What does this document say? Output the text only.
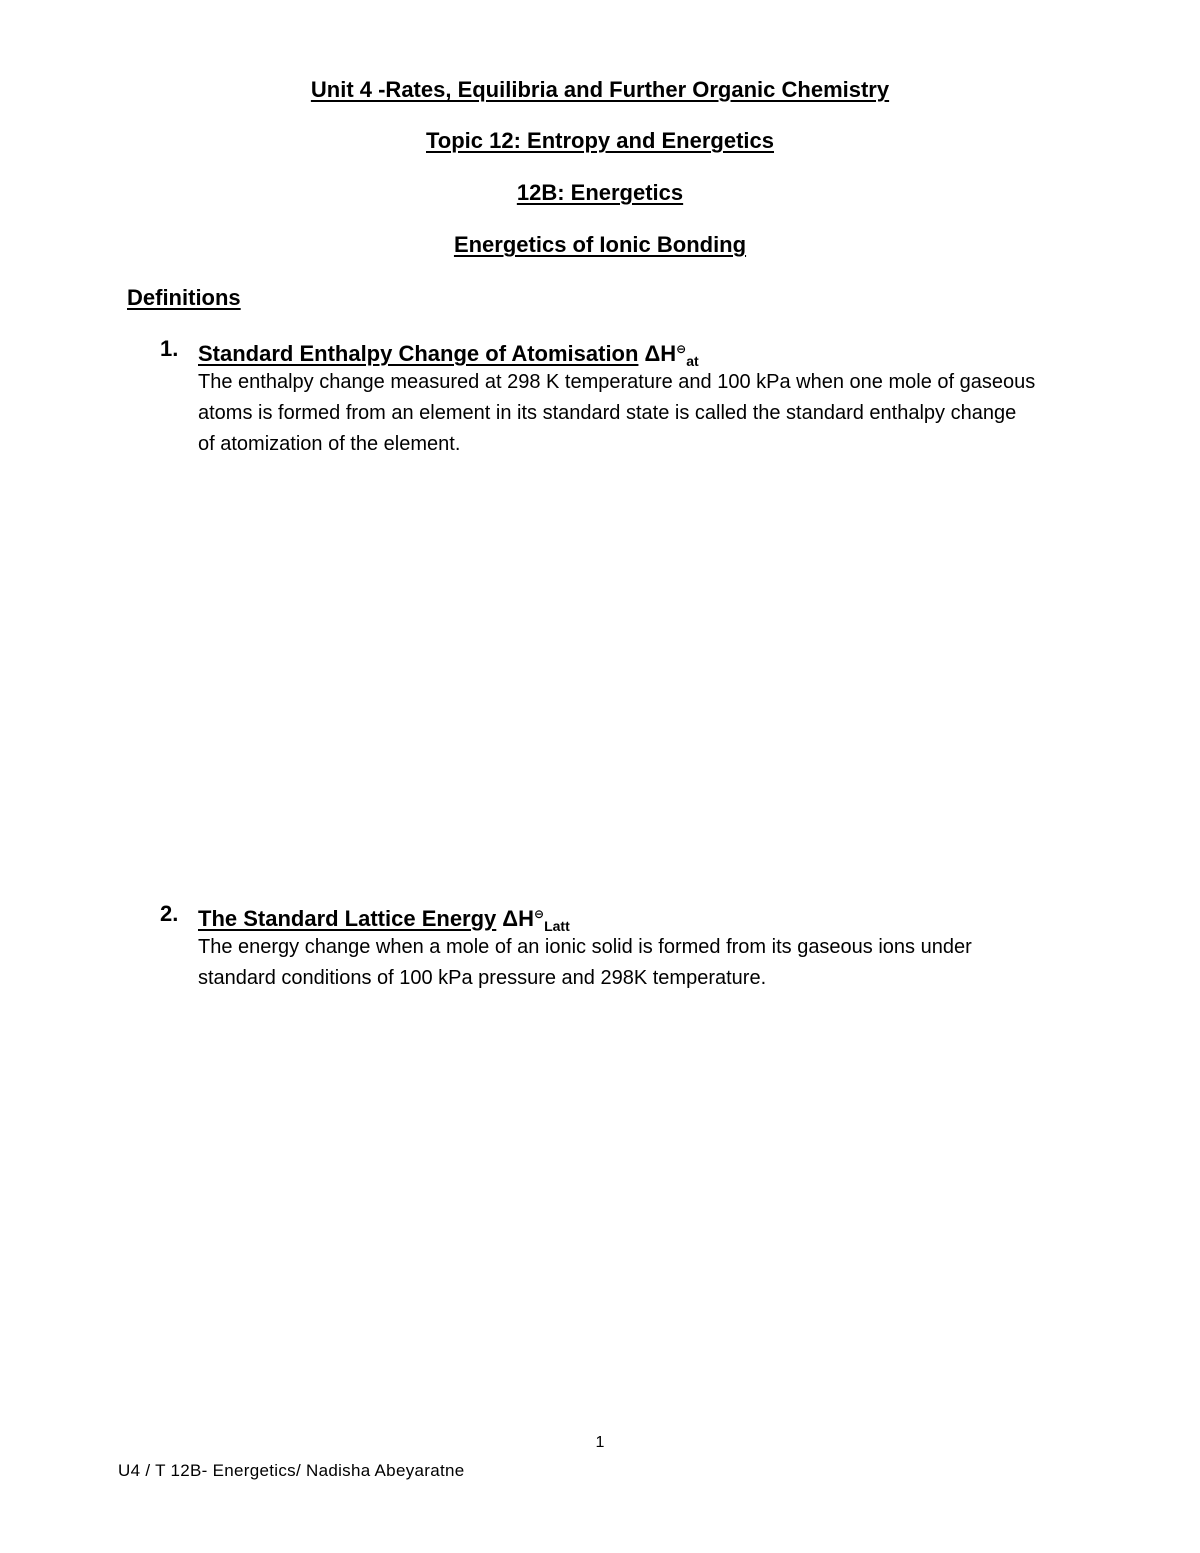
Unit 4 -Rates, Equilibria and Further Organic Chemistry
Topic 12: Entropy and Energetics
12B: Energetics
Energetics of Ionic Bonding
Definitions
1. Standard Enthalpy Change of Atomisation $\Delta H^⊖_{at}$
The enthalpy change measured at 298 K temperature and 100 kPa when one mole of gaseous atoms is formed from an element in its standard state is called the standard enthalpy change of atomization of the element.
2. The Standard Lattice Energy $\Delta H^⊖_{Latt}$
The energy change when a mole of an ionic solid is formed from its gaseous ions under standard conditions of 100 kPa pressure and 298K temperature.
1
U4 / T 12B- Energetics/ Nadisha Abeyaratne
